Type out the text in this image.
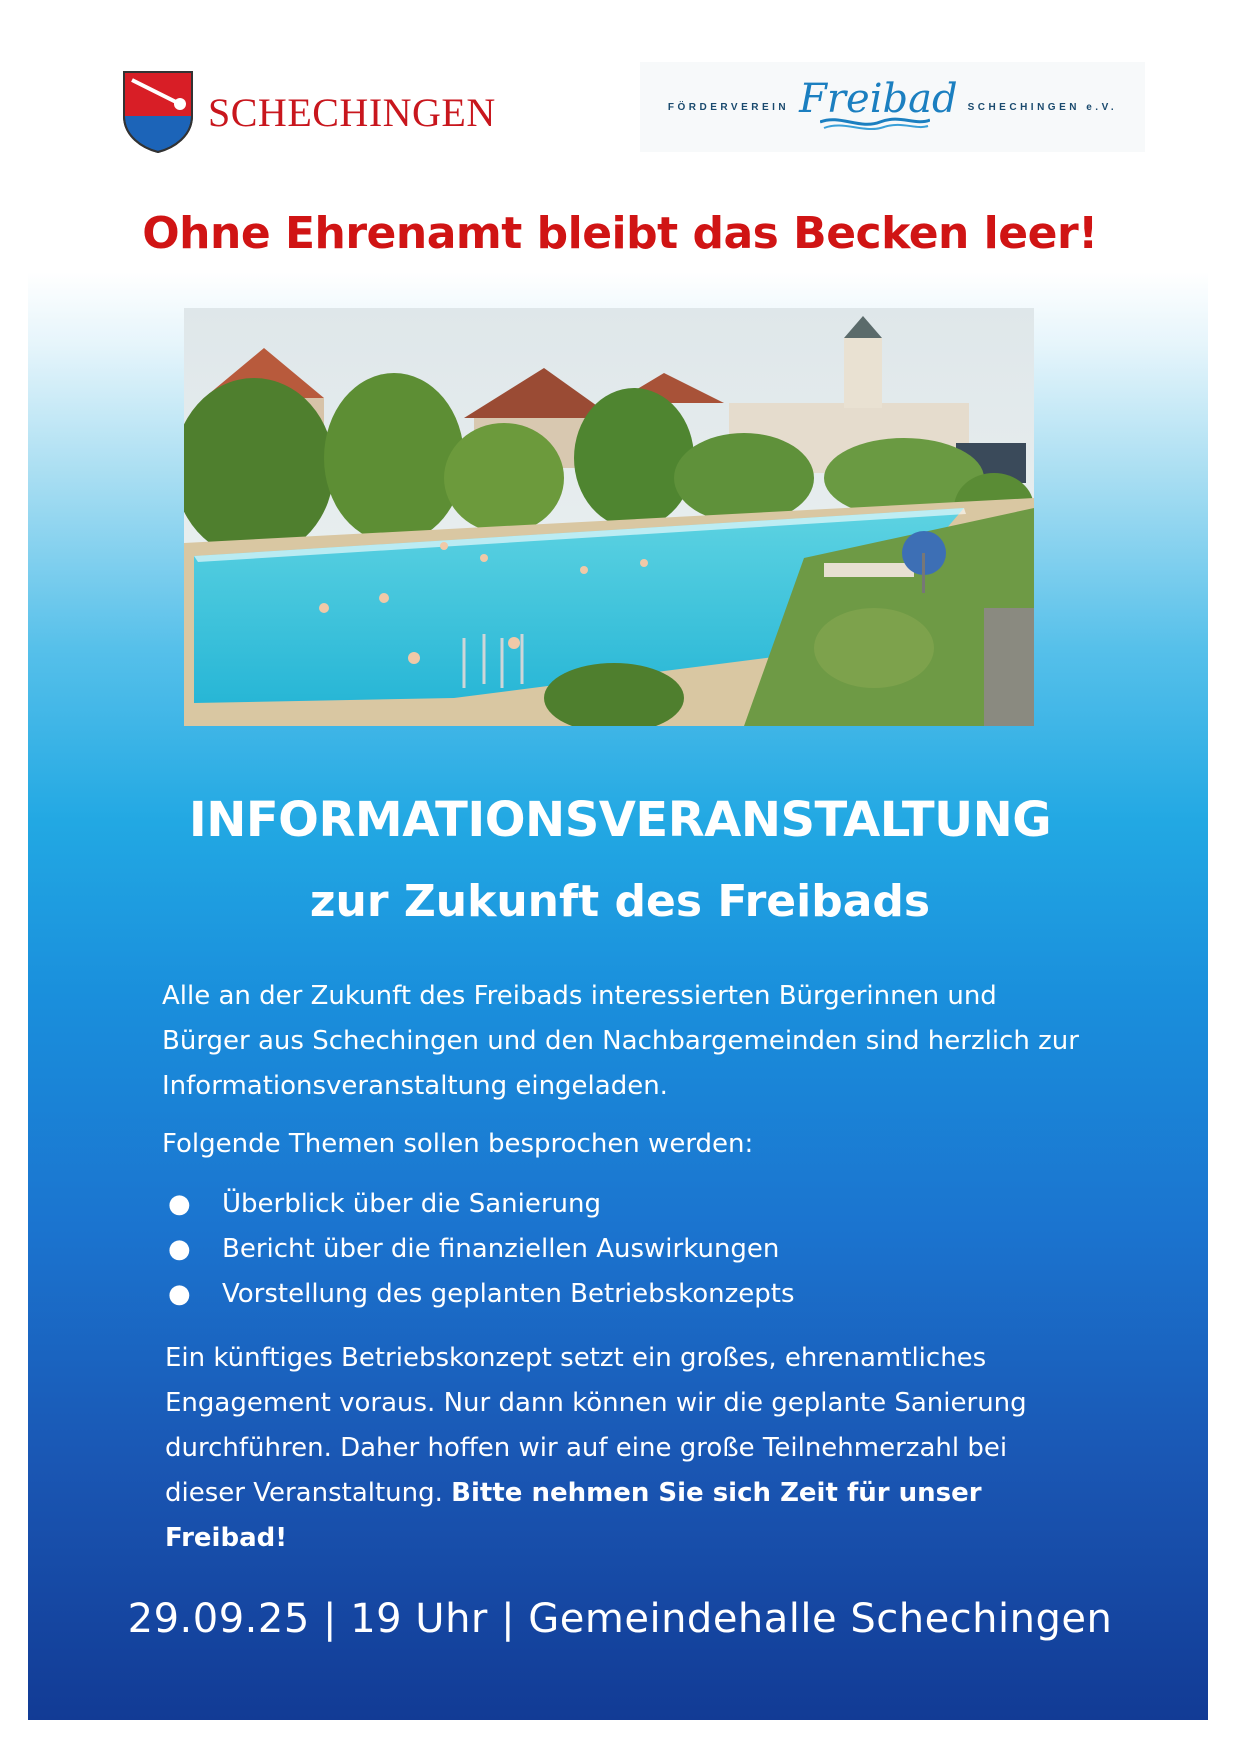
SCHECHINGEN	FÖRDERVEREIN Freibad SCHECHINGEN e.V.
Ohne Ehrenamt bleibt das Becken leer!
INFORMATIONSVERANSTALTUNG
zur Zukunft des Freibads
Alle an der Zukunft des Freibads interessierten Bürgerinnen und Bürger aus Schechingen und den Nachbargemeinden sind herzlich zur Informationsveranstaltung eingeladen.
Folgende Themen sollen besprochen werden:
● Überblick über die Sanierung
● Bericht über die finanziellen Auswirkungen
● Vorstellung des geplanten Betriebskonzepts
Ein künftiges Betriebskonzept setzt ein großes, ehrenamtliches Engagement voraus. Nur dann können wir die geplante Sanierung durchführen. Daher hoffen wir auf eine große Teilnehmerzahl bei dieser Veranstaltung. Bitte nehmen Sie sich Zeit für unser Freibad!
29.09.25 | 19 Uhr | Gemeindehalle Schechingen
